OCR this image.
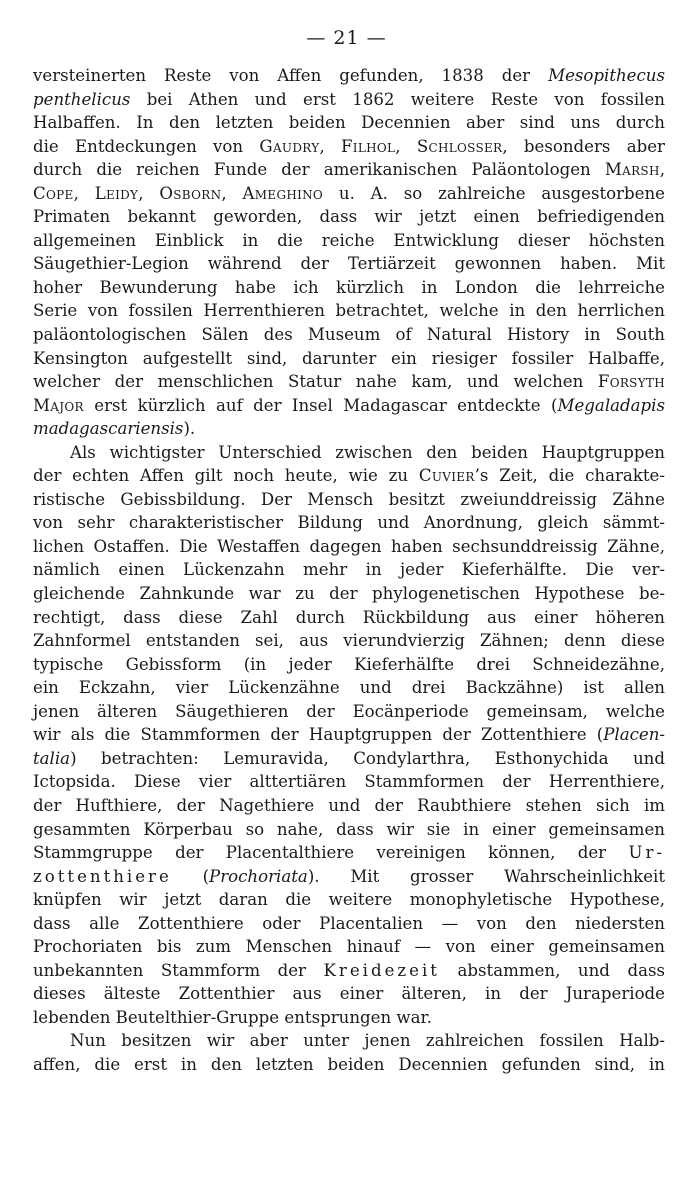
— 21 —
versteinerten Reste von Affen gefunden, 1838 der Mesopithecus
penthelicus bei Athen und erst 1862 weitere Reste von fossilen
Halbaffen. In den letzten beiden Decennien aber sind uns durch
die Entdeckungen von Gaudry, Filhol, Schlosser, besonders aber
durch die reichen Funde der amerikanischen Paläontologen Marsh,
Cope, Leidy, Osborn, Ameghino u. A. so zahlreiche ausgestorbene
Primaten bekannt geworden, dass wir jetzt einen befriedigenden
allgemeinen Einblick in die reiche Entwicklung dieser höchsten
Säugethier-Legion während der Tertiärzeit gewonnen haben. Mit
hoher Bewunderung habe ich kürzlich in London die lehrreiche
Serie von fossilen Herrenthieren betrachtet, welche in den herrlichen
paläontologischen Sälen des Museum of Natural History in South
Kensington aufgestellt sind, darunter ein riesiger fossiler Halbaffe,
welcher der menschlichen Statur nahe kam, und welchen Forsyth
Major erst kürzlich auf der Insel Madagascar entdeckte (Megaladapis
madagascariensis).
Als wichtigster Unterschied zwischen den beiden Hauptgruppen
der echten Affen gilt noch heute, wie zu Cuvier’s Zeit, die charakte-
ristische Gebissbildung. Der Mensch besitzt zweiunddreissig Zähne
von sehr charakteristischer Bildung und Anordnung, gleich sämmt-
lichen Ostaffen. Die Westaffen dagegen haben sechsunddreissig Zähne,
nämlich einen Lückenzahn mehr in jeder Kieferhälfte. Die ver-
gleichende Zahnkunde war zu der phylogenetischen Hypothese be-
rechtigt, dass diese Zahl durch Rückbildung aus einer höheren
Zahnformel entstanden sei, aus vierundvierzig Zähnen; denn diese
typische Gebissform (in jeder Kieferhälfte drei Schneidezähne,
ein Eckzahn, vier Lückenzähne und drei Backzähne) ist allen
jenen älteren Säugethieren der Eocänperiode gemeinsam, welche
wir als die Stammformen der Hauptgruppen der Zottenthiere (Placen-
talia) betrachten: Lemuravida, Condylarthra, Esthonychida und
Ictopsida. Diese vier alttertiären Stammformen der Herrenthiere,
der Hufthiere, der Nagethiere und der Raubthiere stehen sich im
gesammten Körperbau so nahe, dass wir sie in einer gemeinsamen
Stammgruppe der Placentalthiere vereinigen können, der Ur-
zottenthiere (Prochoriata). Mit grosser Wahrscheinlichkeit
knüpfen wir jetzt daran die weitere monophyletische Hypothese,
dass alle Zottenthiere oder Placentalien — von den niedersten
Prochoriaten bis zum Menschen hinauf — von einer gemeinsamen
unbekannten Stammform der Kreidezeit abstammen, und dass
dieses älteste Zottenthier aus einer älteren, in der Juraperiode
lebenden Beutelthier-Gruppe entsprungen war.
Nun besitzen wir aber unter jenen zahlreichen fossilen Halb-
affen, die erst in den letzten beiden Decennien gefunden sind, in
